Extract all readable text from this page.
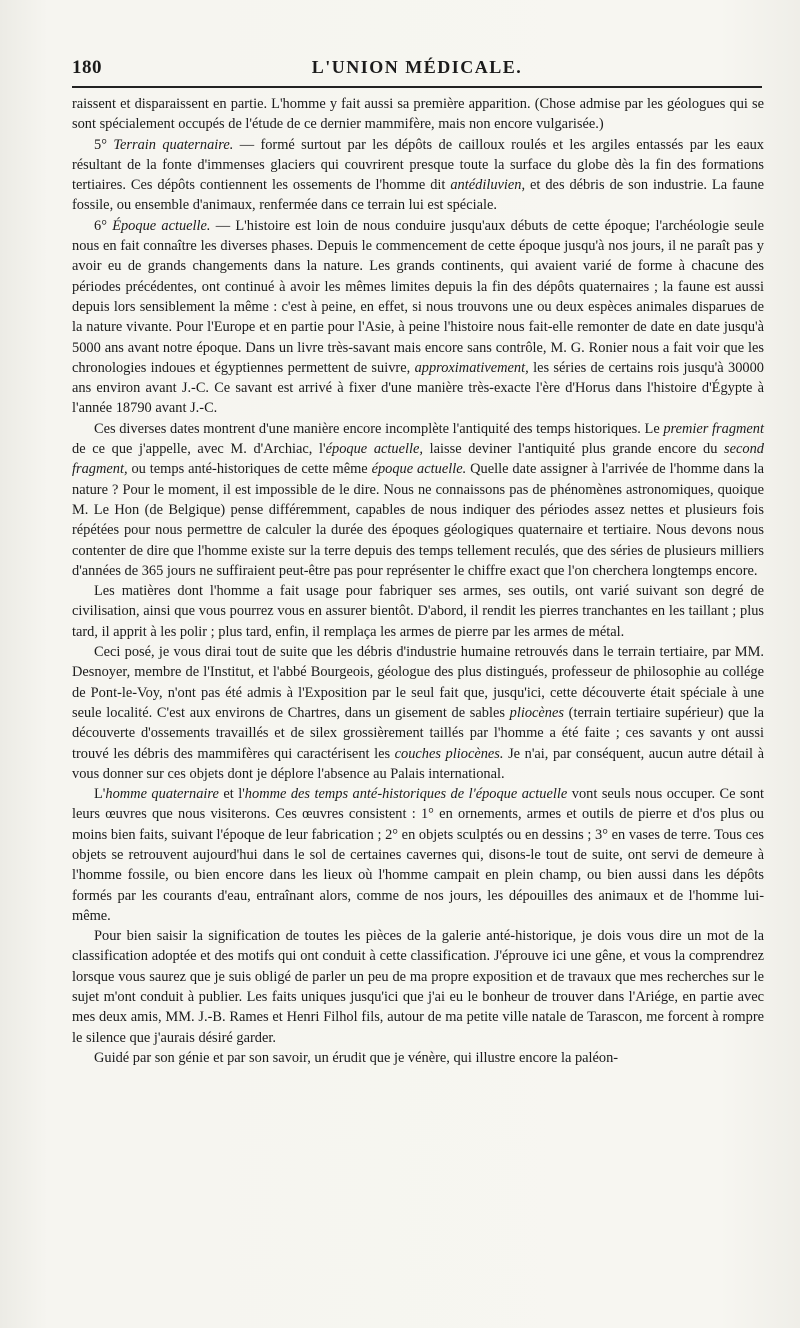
180	L'UNION MÉDICALE.

raissent et disparaissent en partie. L'homme y fait aussi sa première apparition. (Chose admise par les géologues qui se sont spécialement occupés de l'étude de ce dernier mammifère, mais non encore vulgarisée.)

5° Terrain quaternaire. — formé surtout par les dépôts de cailloux roulés et les argiles entassés par les eaux résultant de la fonte d'immenses glaciers qui couvrirent presque toute la surface du globe dès la fin des formations tertiaires. Ces dépôts contiennent les ossements de l'homme dit antédiluvien, et des débris de son industrie. La faune fossile, ou ensemble d'animaux, renfermée dans ce terrain lui est spéciale.

6° Époque actuelle. — L'histoire est loin de nous conduire jusqu'aux débuts de cette époque; l'archéologie seule nous en fait connaître les diverses phases. Depuis le commencement de cette époque jusqu'à nos jours, il ne paraît pas y avoir eu de grands changements dans la nature. Les grands continents, qui avaient varié de forme à chacune des périodes précédentes, ont continué à avoir les mêmes limites depuis la fin des dépôts quaternaires ; la faune est aussi depuis lors sensiblement la même : c'est à peine, en effet, si nous trouvons une ou deux espèces animales disparues de la nature vivante. Pour l'Europe et en partie pour l'Asie, à peine l'histoire nous fait-elle remonter de date en date jusqu'à 5000 ans avant notre époque. Dans un livre très-savant mais encore sans contrôle, M. G. Ronier nous a fait voir que les chronologies indoues et égyptiennes permettent de suivre, approximativement, les séries de certains rois jusqu'à 30000 ans environ avant J.-C. Ce savant est arrivé à fixer d'une manière très-exacte l'ère d'Horus dans l'histoire d'Égypte à l'année 18790 avant J.-C.

Ces diverses dates montrent d'une manière encore incomplète l'antiquité des temps historiques. Le premier fragment de ce que j'appelle, avec M. d'Archiac, l'époque actuelle, laisse deviner l'antiquité plus grande encore du second fragment, ou temps anté-historiques de cette même époque actuelle. Quelle date assigner à l'arrivée de l'homme dans la nature ? Pour le moment, il est impossible de le dire. Nous ne connaissons pas de phénomènes astronomiques, quoique M. Le Hon (de Belgique) pense différemment, capables de nous indiquer des périodes assez nettes et plusieurs fois répétées pour nous permettre de calculer la durée des époques géologiques quaternaire et tertiaire. Nous devons nous contenter de dire que l'homme existe sur la terre depuis des temps tellement reculés, que des séries de plusieurs milliers d'années de 365 jours ne suffiraient peut-être pas pour représenter le chiffre exact que l'on cherchera longtemps encore.

Les matières dont l'homme a fait usage pour fabriquer ses armes, ses outils, ont varié suivant son degré de civilisation, ainsi que vous pourrez vous en assurer bientôt. D'abord, il rendit les pierres tranchantes en les taillant ; plus tard, il apprit à les polir ; plus tard, enfin, il remplaça les armes de pierre par les armes de métal.

Ceci posé, je vous dirai tout de suite que les débris d'industrie humaine retrouvés dans le terrain tertiaire, par MM. Desnoyer, membre de l'Institut, et l'abbé Bourgeois, géologue des plus distingués, professeur de philosophie au collége de Pont-le-Voy, n'ont pas été admis à l'Exposition par le seul fait que, jusqu'ici, cette découverte était spéciale à une seule localité. C'est aux environs de Chartres, dans un gisement de sables pliocènes (terrain tertiaire supérieur) que la découverte d'ossements travaillés et de silex grossièrement taillés par l'homme a été faite ; ces savants y ont aussi trouvé les débris des mammifères qui caractérisent les couches pliocènes. Je n'ai, par conséquent, aucun autre détail à vous donner sur ces objets dont je déplore l'absence au Palais international.

L'homme quaternaire et l'homme des temps anté-historiques de l'époque actuelle vont seuls nous occuper. Ce sont leurs œuvres que nous visiterons. Ces œuvres consistent : 1° en ornements, armes et outils de pierre et d'os plus ou moins bien faits, suivant l'époque de leur fabrication ; 2° en objets sculptés ou en dessins ; 3° en vases de terre. Tous ces objets se retrouvent aujourd'hui dans le sol de certaines cavernes qui, disons-le tout de suite, ont servi de demeure à l'homme fossile, ou bien encore dans les lieux où l'homme campait en plein champ, ou bien aussi dans les dépôts formés par les courants d'eau, entraînant alors, comme de nos jours, les dépouilles des animaux et de l'homme lui-même.

Pour bien saisir la signification de toutes les pièces de la galerie anté-historique, je dois vous dire un mot de la classification adoptée et des motifs qui ont conduit à cette classification. J'éprouve ici une gêne, et vous la comprendrez lorsque vous saurez que je suis obligé de parler un peu de ma propre exposition et de travaux que mes recherches sur le sujet m'ont conduit à publier. Les faits uniques jusqu'ici que j'ai eu le bonheur de trouver dans l'Ariége, en partie avec mes deux amis, MM. J.-B. Rames et Henri Filhol fils, autour de ma petite ville natale de Tarascon, me forcent à rompre le silence que j'aurais désiré garder.

Guidé par son génie et par son savoir, un érudit que je vénère, qui illustre encore la paléon-
